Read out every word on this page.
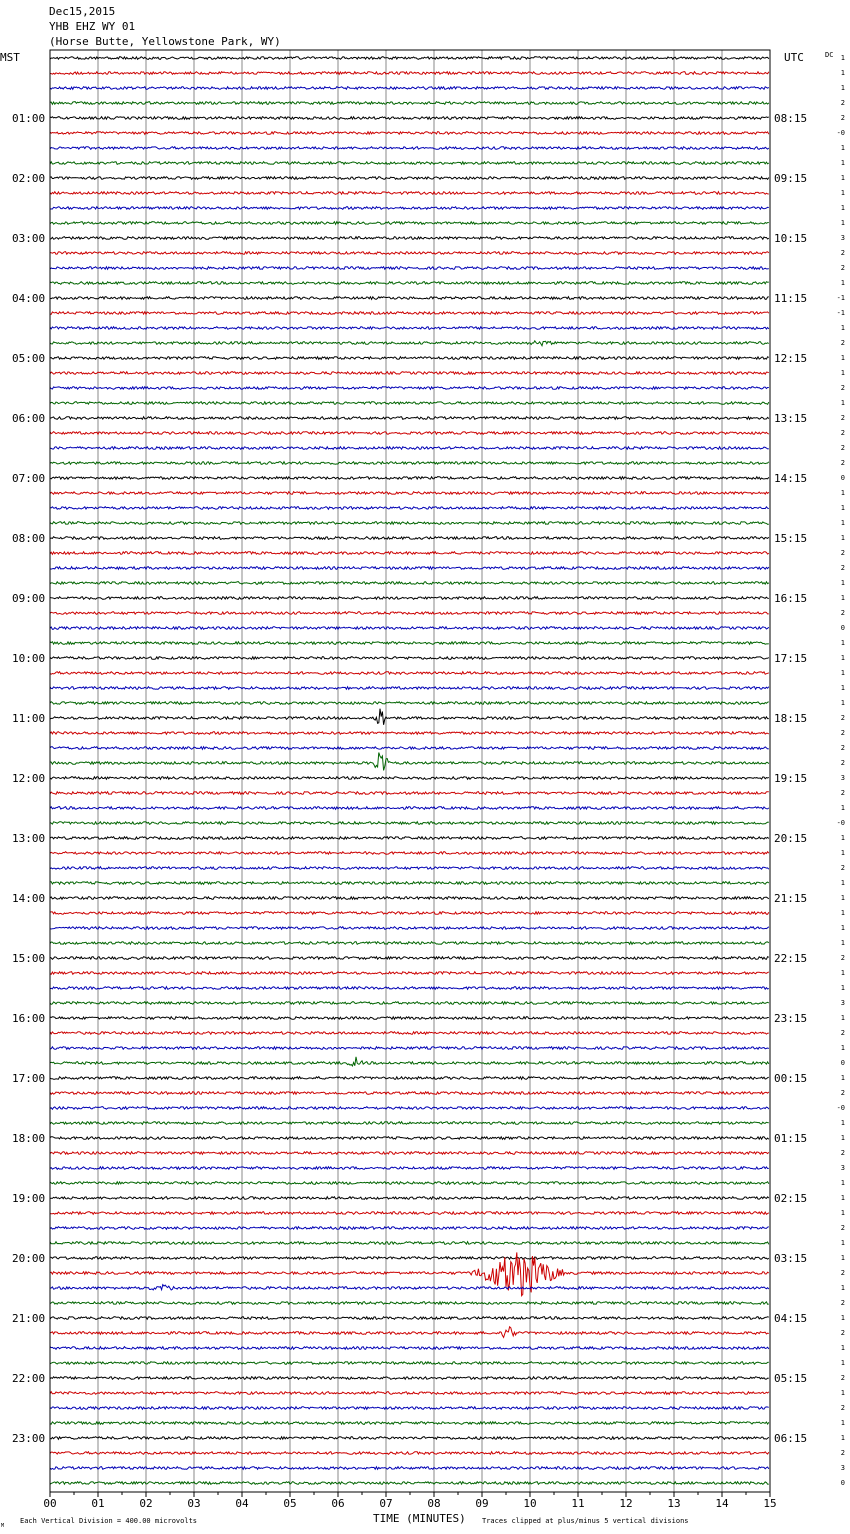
Dec15,2015
YHB EHZ WY 01
(Horse Butte, Yellowstone Park, WY)
01:00
02:00
03:00
04:00
05:00
06:00
07:00
08:00
09:00
10:00
11:00
12:00
13:00
14:00
15:00
16:00
17:00
18:00
19:00
20:00
21:00
22:00
23:00
08:15
09:15
10:15
11:15
12:15
13:15
14:15
15:15
16:15
17:15
18:15
19:15
20:15
21:15
22:15
23:15
00:15
01:15
02:15
03:15
04:15
05:15
06:15
1
1
1
2
2
-0
1
1
1
1
1
1
3
2
2
1
-1
-1
1
2
1
1
2
1
2
2
2
2
0
1
1
1
1
2
2
1
1
2
0
1
1
1
1
1
2
2
2
2
3
2
1
-0
1
1
2
1
1
1
1
1
2
1
1
3
1
2
1
0
1
2
-0
1
1
2
3
1
1
1
2
1
1
2
1
2
1
2
1
1
2
1
2
1
1
2
3
0
00	01	02	03	04	05	06	07	08	09	10	11	12	13	14	15
MST	UTC	DC
TIME (MINUTES)
Each Vertical Division = 400.00 microvolts	Traces clipped at plus/minus 5 vertical divisions
M
